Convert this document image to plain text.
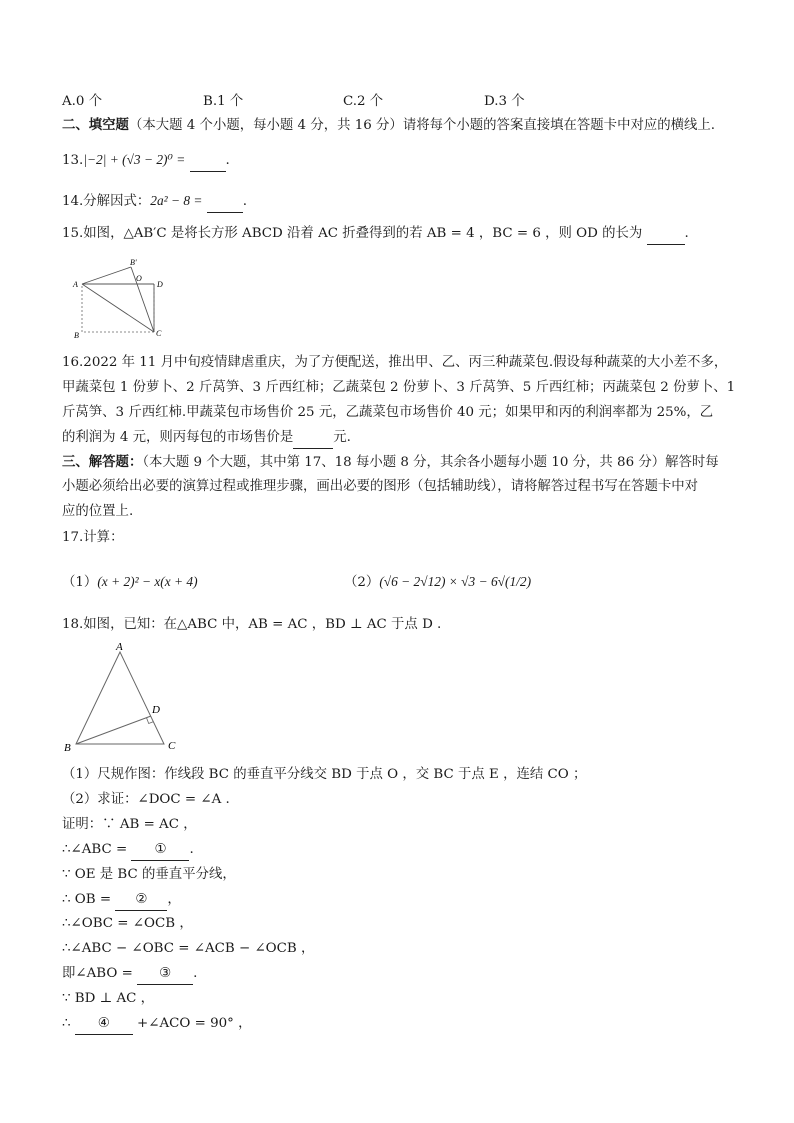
A.0 个	B.1 个	C.2 个	D.3 个
二、填空题（本大题 4 个小题，每小题 4 分，共 16 分）请将每个小题的答案直接填在答题卡中对应的横线上.
13.|−2| + (√3 − 2)⁰ =	.
14.分解因式：2a² − 8 =	.
15.如图，△AB′C 是将长方形 ABCD 沿着 AC 折叠得到的若 AB = 4 ，BC = 6 ，则 OD 的长为	.
A
B	C
D
O
B'
16.2022 年 11 月中旬疫情肆虐重庆，为了方便配送，推出甲、乙、丙三种蔬菜包.假设每种蔬菜的大小差不多，
甲蔬菜包 1 份萝卜、2 斤莴笋、3 斤西红柿；乙蔬菜包 2 份萝卜、3 斤莴笋、5 斤西红柿；丙蔬菜包 2 份萝卜、1
斤莴笋、3 斤西红柿.甲蔬菜包市场售价 25 元，乙蔬菜包市场售价 40 元；如果甲和丙的利润率都为 25%，乙
的利润为 4 元，则丙每包的市场售价是	元.
三、解答题：（本大题 9 个大题，其中第 17、18 每小题 8 分，其余各小题每小题 10 分，共 86 分）解答时每
小题必须给出必要的演算过程或推理步骤，画出必要的图形（包括辅助线），请将解答过程书写在答题卡中对
应的位置上.
17.计算：
（1）(x + 2)² − x(x + 4)	（2）(√6 − 2√12) × √3 − 6√(1/2)
18.如图，已知：在△ABC 中，AB = AC ，BD ⊥ AC 于点 D .
A
B	C
D
（1）尺规作图：作线段 BC 的垂直平分线交 BD 于点 O ，交 BC 于点 E ，连结 CO ；
（2）求证：∠DOC = ∠A .
证明：∵ AB = AC ，
∴∠ABC = ① .
∵ OE 是 BC 的垂直平分线，
∴ OB = ② ，
∴∠OBC = ∠OCB ，
∴∠ABC − ∠OBC = ∠ACB − ∠OCB ，
即∠ABO = ③ .
∵ BD ⊥ AC ，
∴ ④ +∠ACO = 90° ，
